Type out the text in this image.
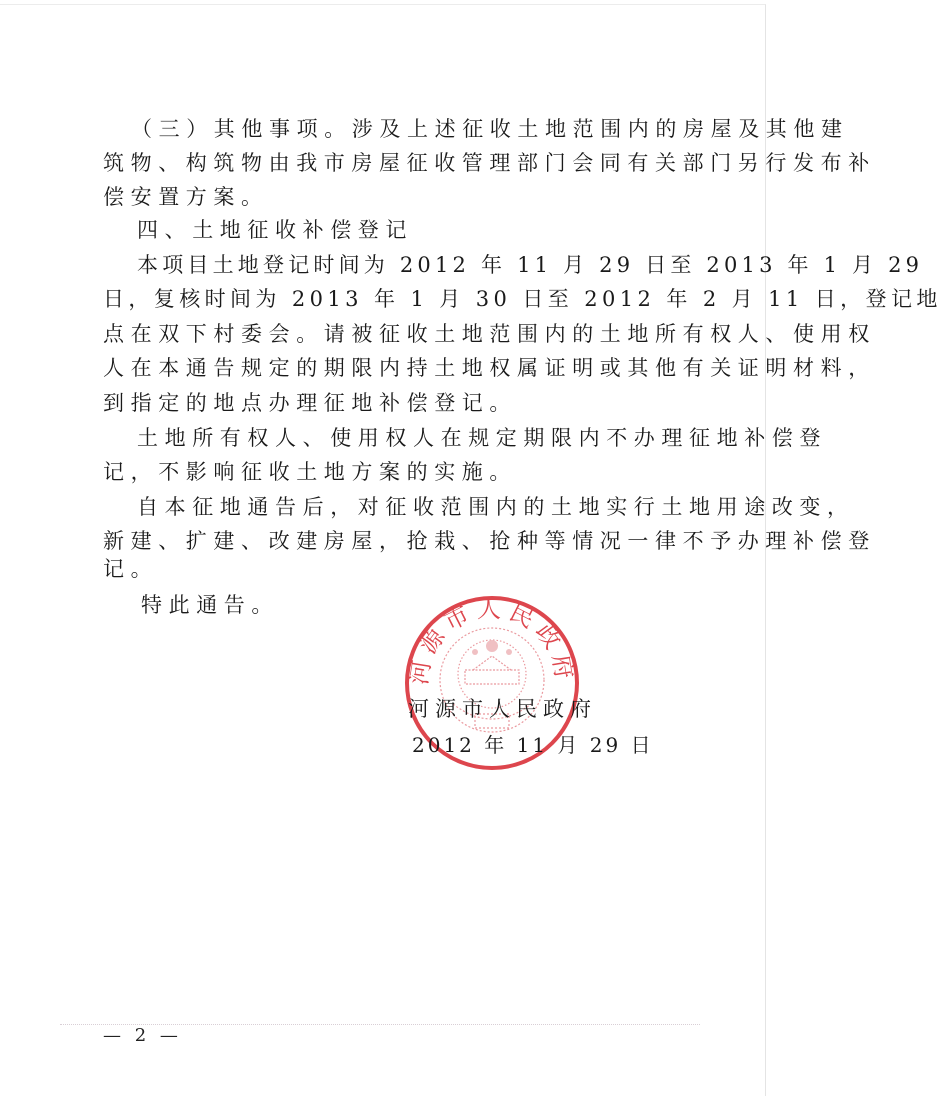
（三）其他事项。涉及上述征收土地范围内的房屋及其他建
筑物、构筑物由我市房屋征收管理部门会同有关部门另行发布补
偿安置方案。
四、土地征收补偿登记
本项目土地登记时间为 2012 年 11 月 29 日至 2013 年 1 月 29
日，复核时间为 2013 年 1 月 30 日至 2012 年 2 月 11 日，登记地
点在双下村委会。请被征收土地范围内的土地所有权人、使用权
人在本通告规定的期限内持土地权属证明或其他有关证明材料，
到指定的地点办理征地补偿登记。
土地所有权人、使用权人在规定期限内不办理征地补偿登
记，不影响征收土地方案的实施。
自本征地通告后，对征收范围内的土地实行土地用途改变，
新建、扩建、改建房屋，抢栽、抢种等情况一律不予办理补偿登
记。
特此通告。
河源市人民政府
河源市人民政府
2012 年 11 月 29 日
— 2 —
